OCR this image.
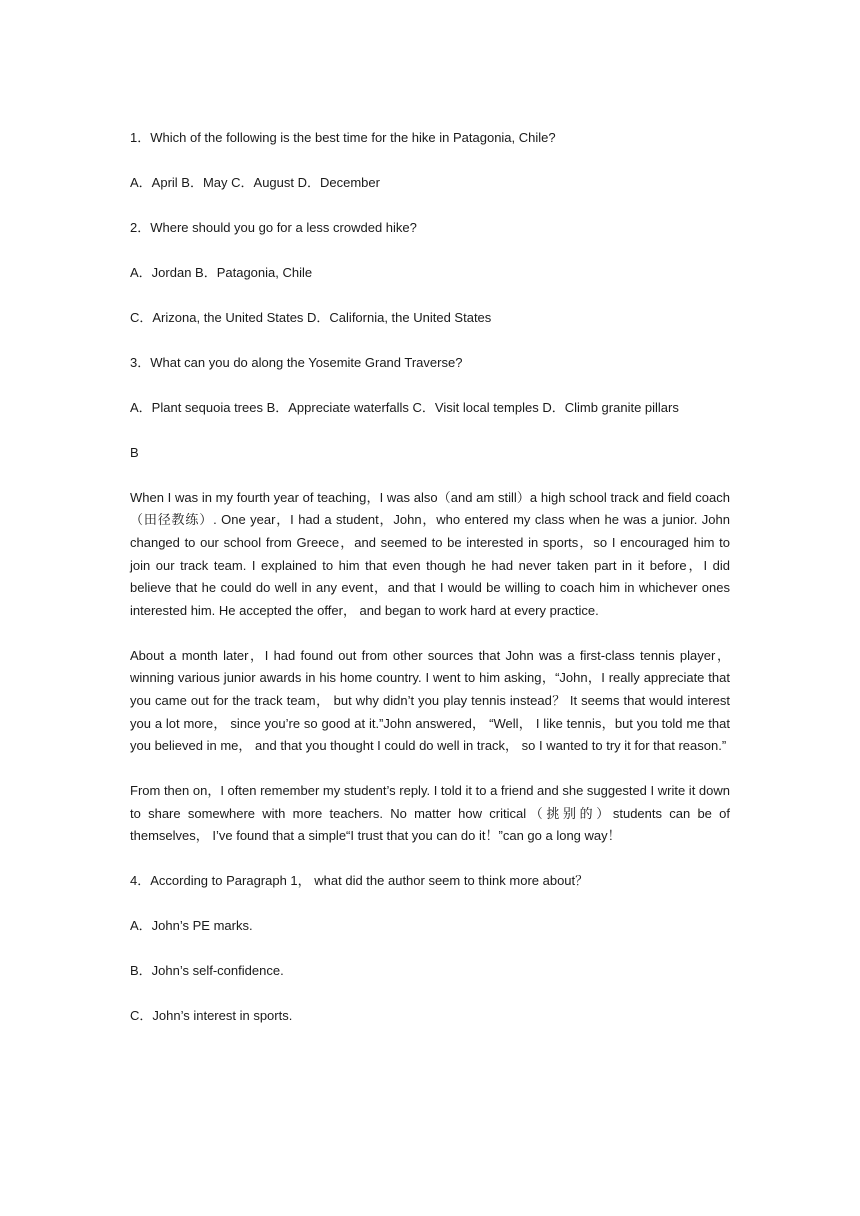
1．Which of the following is the best time for the hike in Patagonia, Chile?
A．April B．May C．August D．December
2．Where should you go for a less crowded hike?
A．Jordan B．Patagonia, Chile
C．Arizona, the United States D．California, the United States
3．What can you do along the Yosemite Grand Traverse?
A．Plant sequoia trees B．Appreciate waterfalls C．Visit local temples D．Climb granite pillars
B
When I was in my fourth year of teaching，I was also（and am still）a high school track and field coach（田径教练）. One year，I had a student，John，who entered my class when he was a junior. John changed to our school from Greece，and seemed to be interested in sports，so I encouraged him to join our track team. I explained to him that even though he had never taken part in it before，I did believe that he could do well in any event，and that I would be willing to coach him in whichever ones interested him. He accepted the offer， and began to work hard at every practice.
About a month later，I had found out from other sources that John was a first-class tennis player，winning various junior awards in his home country. I went to him asking，“John，I really appreciate that you came out for the track team， but why didn’t you play tennis instead？ It seems that would interest you a lot more， since you’re so good at it.”John answered， “Well， I like tennis，but you told me that you believed in me， and that you thought I could do well in track， so I wanted to try it for that reason.”
From then on，I often remember my student’s reply. I told it to a friend and she suggested I write it down to share somewhere with more teachers. No matter how critical（挑别的）students can be of themselves， I’ve found that a simple“I trust that you can do it！”can go a long way！
4．According to Paragraph 1， what did the author seem to think more about？
A．John’s PE marks.
B．John’s self-confidence.
C．John’s interest in sports.
